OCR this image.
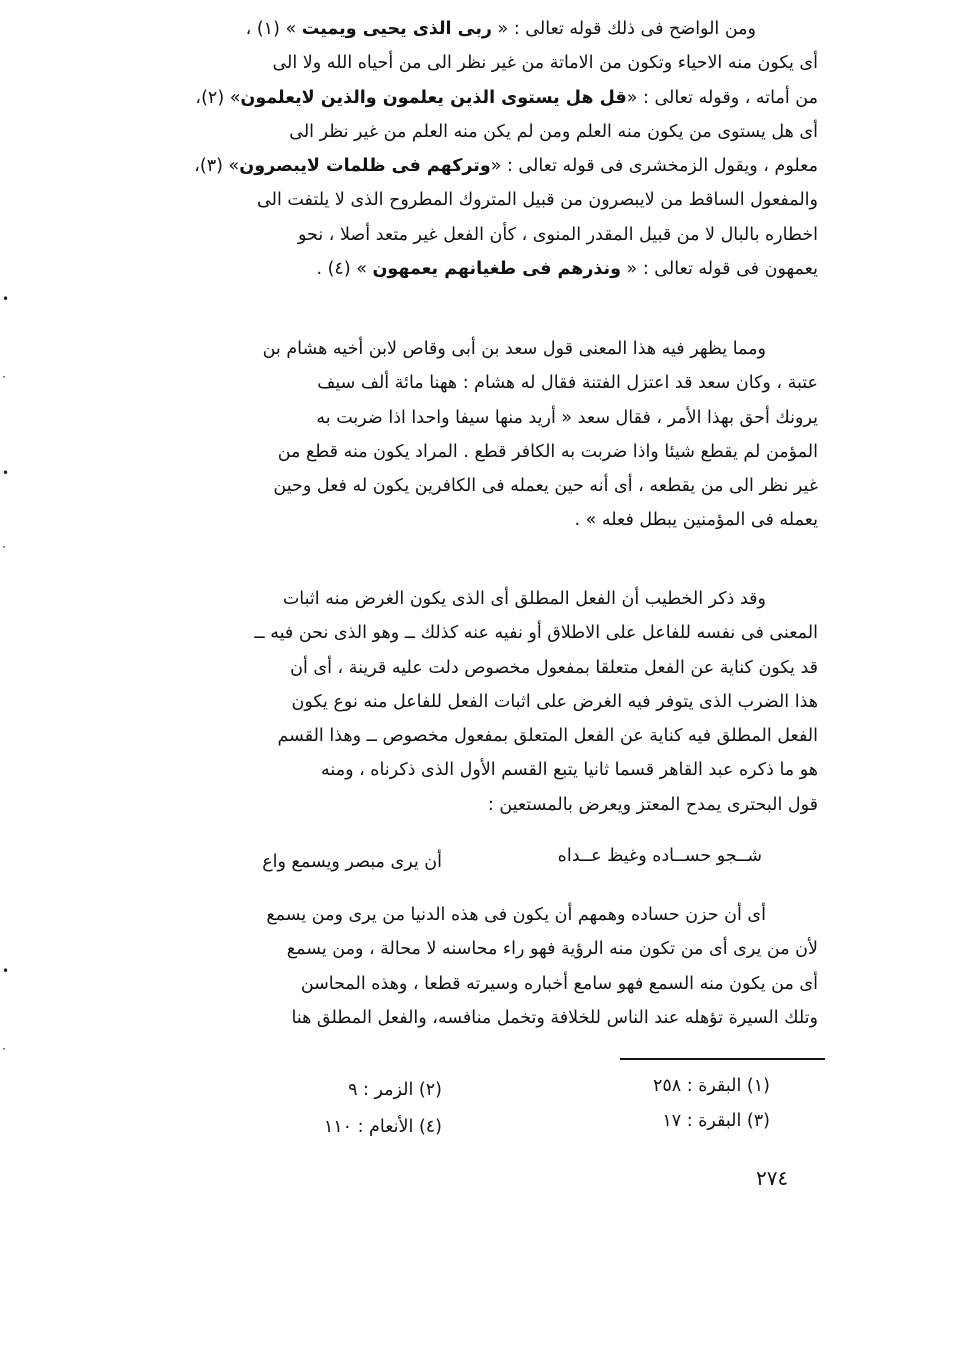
ومن الواضح فى ذلك قوله تعالى : « ربى الذى يحيى ويميت » (١) ،
أى يكون منه الاحياء وتكون من الاماتة من غير نظر الى من أحياه الله ولا الى
من أماته ، وقوله تعالى : «قل هل يستوى الذين يعلمون والذين لايعلمون» (٢)،
أى هل يستوى من يكون منه العلم ومن لم يكن منه العلم من غير نظر الى
معلوم ، ويقول الزمخشرى فى قوله تعالى : «وتركهم فى ظلمات لايبصرون» (٣)،
والمفعول الساقط من لايبصرون من قبيل المتروك المطروح الذى لا يلتفت الى
اخطاره بالبال لا من قبيل المقدر المنوى ، كأن الفعل غير متعد أصلا ، نحو
يعمهون فى قوله تعالى : « ونذرهم فى طغيانهم يعمهون » (٤) .
ومما يظهر فيه هذا المعنى قول سعد بن أبى وقاص لابن أخيه هشام بن
عتبة ، وكان سعد قد اعتزل الفتنة فقال له هشام : ههنا مائة ألف سيف
يرونك أحق بهذا الأمر ، فقال سعد « أريد منها سيفا واحدا اذا ضربت به
المؤمن لم يقطع شيئا واذا ضربت به الكافر قطع . المراد يكون منه قطع من
غير نظر الى من يقطعه ، أى أنه حين يعمله فى الكافرين يكون له فعل وحين
يعمله فى المؤمنين يبطل فعله » .
وقد ذكر الخطيب أن الفعل المطلق أى الذى يكون الغرض منه اثبات
المعنى فى نفسه للفاعل على الاطلاق أو نفيه عنه كذلك ــ وهو الذى نحن فيه ــ
قد يكون كناية عن الفعل متعلقا بمفعول مخصوص دلت عليه قرينة ، أى أن
هذا الضرب الذى يتوفر فيه الغرض على اثبات الفعل للفاعل منه نوع يكون
الفعل المطلق فيه كناية عن الفعل المتعلق بمفعول مخصوص ــ وهذا القسم
هو ما ذكره عبد القاهر قسما ثانيا يتبع القسم الأول الذى ذكرناه ، ومنه
قول البحترى يمدح المعتز ويعرض بالمستعين :
شــجو حســاده وغيظ عــداه
أن يرى مبصر ويسمع واع
أى أن حزن حساده وهمهم أن يكون فى هذه الدنيا من يرى ومن يسمع
لأن من يرى أى من تكون منه الرؤية فهو راء محاسنه لا محالة ، ومن يسمع
أى من يكون منه السمع فهو سامع أخباره وسيرته قطعا ، وهذه المحاسن
وتلك السيرة تؤهله عند الناس للخلافة وتخمل منافسه، والفعل المطلق هنا
(١) البقرة : ٢٥٨
(٢) الزمر : ٩
(٣) البقرة : ١٧
(٤) الأنعام : ١١٠
٢٧٤
•
·
•
·
•
·
